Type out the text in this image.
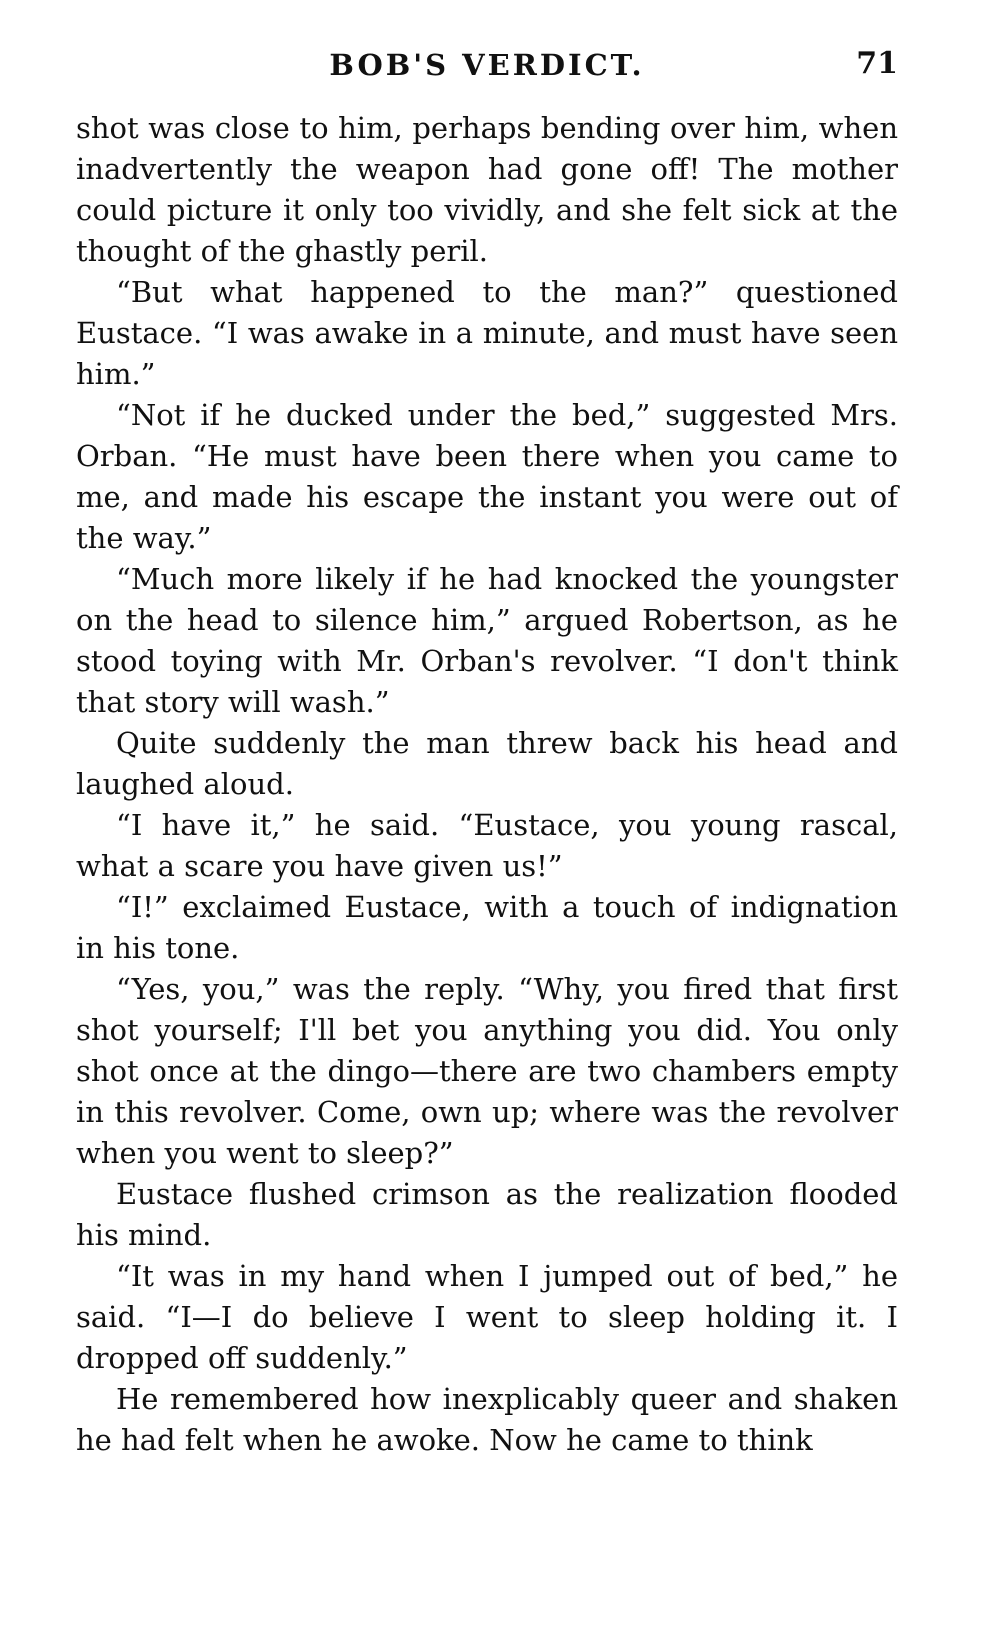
BOB'S VERDICT.	71

shot was close to him, perhaps bending over him, when inadvertently the weapon had gone off! The mother could picture it only too vividly, and she felt sick at the thought of the ghastly peril.

“But what happened to the man?” questioned Eustace. “I was awake in a minute, and must have seen him.”

“Not if he ducked under the bed,” suggested Mrs. Orban. “He must have been there when you came to me, and made his escape the instant you were out of the way.”

“Much more likely if he had knocked the youngster on the head to silence him,” argued Robertson, as he stood toying with Mr. Orban's revolver. “I don't think that story will wash.”

Quite suddenly the man threw back his head and laughed aloud.

“I have it,” he said. “Eustace, you young rascal, what a scare you have given us!”

“I!” exclaimed Eustace, with a touch of indignation in his tone.

“Yes, you,” was the reply. “Why, you fired that first shot yourself; I'll bet you anything you did. You only shot once at the dingo—there are two chambers empty in this revolver. Come, own up; where was the revolver when you went to sleep?”

Eustace flushed crimson as the realization flooded his mind.

“It was in my hand when I jumped out of bed,” he said. “I—I do believe I went to sleep holding it. I dropped off suddenly.”

He remembered how inexplicably queer and shaken he had felt when he awoke. Now he came to think
